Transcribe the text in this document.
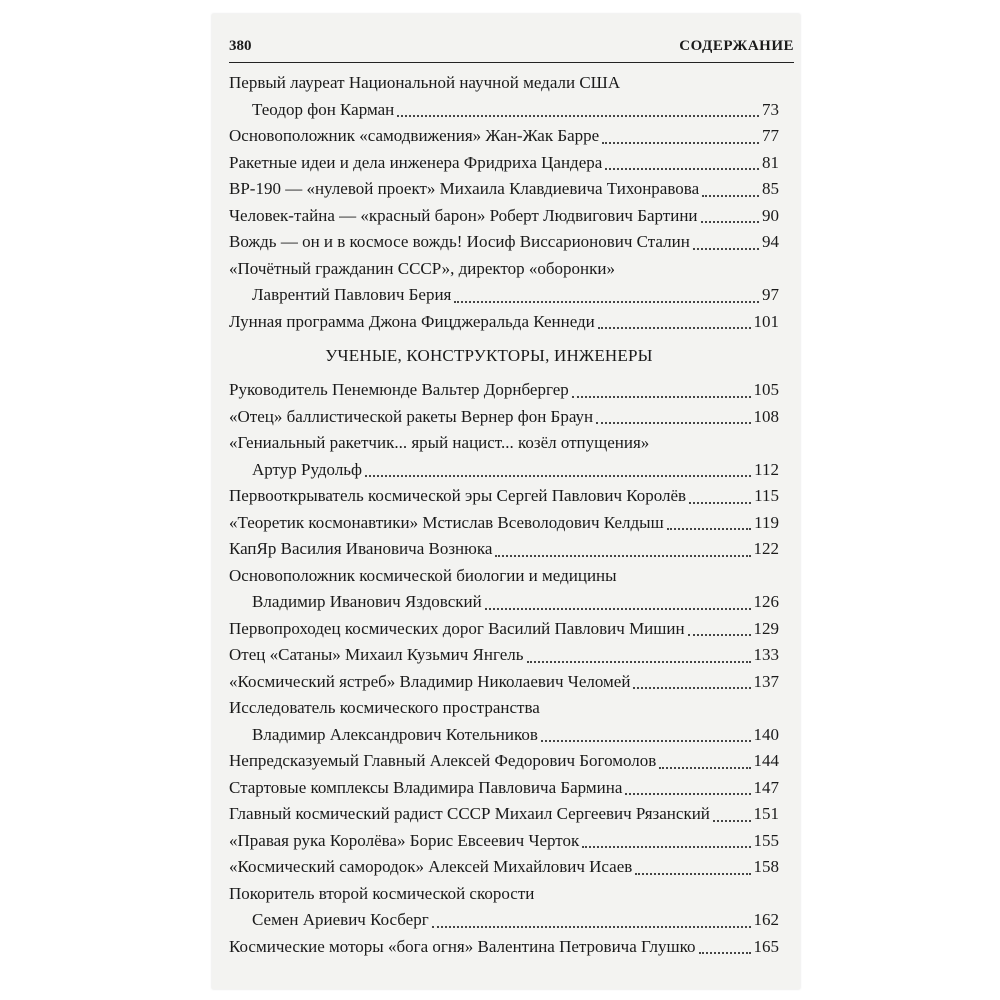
380	СОДЕРЖАНИЕ
Первый лауреат Национальной научной медали США
Теодор фон Карман	73
Основоположник «самодвижения» Жан-Жак Барре	77
Ракетные идеи и дела инженера Фридриха Цандера	81
ВР-190 — «нулевой проект» Михаила Клавдиевича Тихонравова	85
Человек-тайна — «красный барон» Роберт Людвигович Бартини	90
Вождь — он и в космосе вождь! Иосиф Виссарионович Сталин	94
«Почётный гражданин СССР», директор «оборонки»
Лаврентий Павлович Берия	97
Лунная программа Джона Фицджеральда Кеннеди	101
УЧЕНЫЕ, КОНСТРУКТОРЫ, ИНЖЕНЕРЫ
Руководитель Пенемюнде Вальтер Дорнбергер	105
«Отец» баллистической ракеты Вернер фон Браун	108
«Гениальный ракетчик... ярый нацист... козёл отпущения»
Артур Рудольф	112
Первооткрыватель космической эры Сергей Павлович Королёв	115
«Теоретик космонавтики» Мстислав Всеволодович Келдыш	119
КапЯр Василия Ивановича Вознюка	122
Основоположник космической биологии и медицины
Владимир Иванович Яздовский	126
Первопроходец космических дорог Василий Павлович Мишин	129
Отец «Сатаны» Михаил Кузьмич Янгель	133
«Космический ястреб» Владимир Николаевич Челомей	137
Исследователь космического пространства
Владимир Александрович Котельников	140
Непредсказуемый Главный Алексей Федорович Богомолов	144
Стартовые комплексы Владимира Павловича Бармина	147
Главный космический радист СССР Михаил Сергеевич Рязанский	151
«Правая рука Королёва» Борис Евсеевич Черток	155
«Космический самородок» Алексей Михайлович Исаев	158
Покоритель второй космической скорости
Семен Ариевич Косберг	162
Космические моторы «бога огня» Валентина Петровича Глушко	165
